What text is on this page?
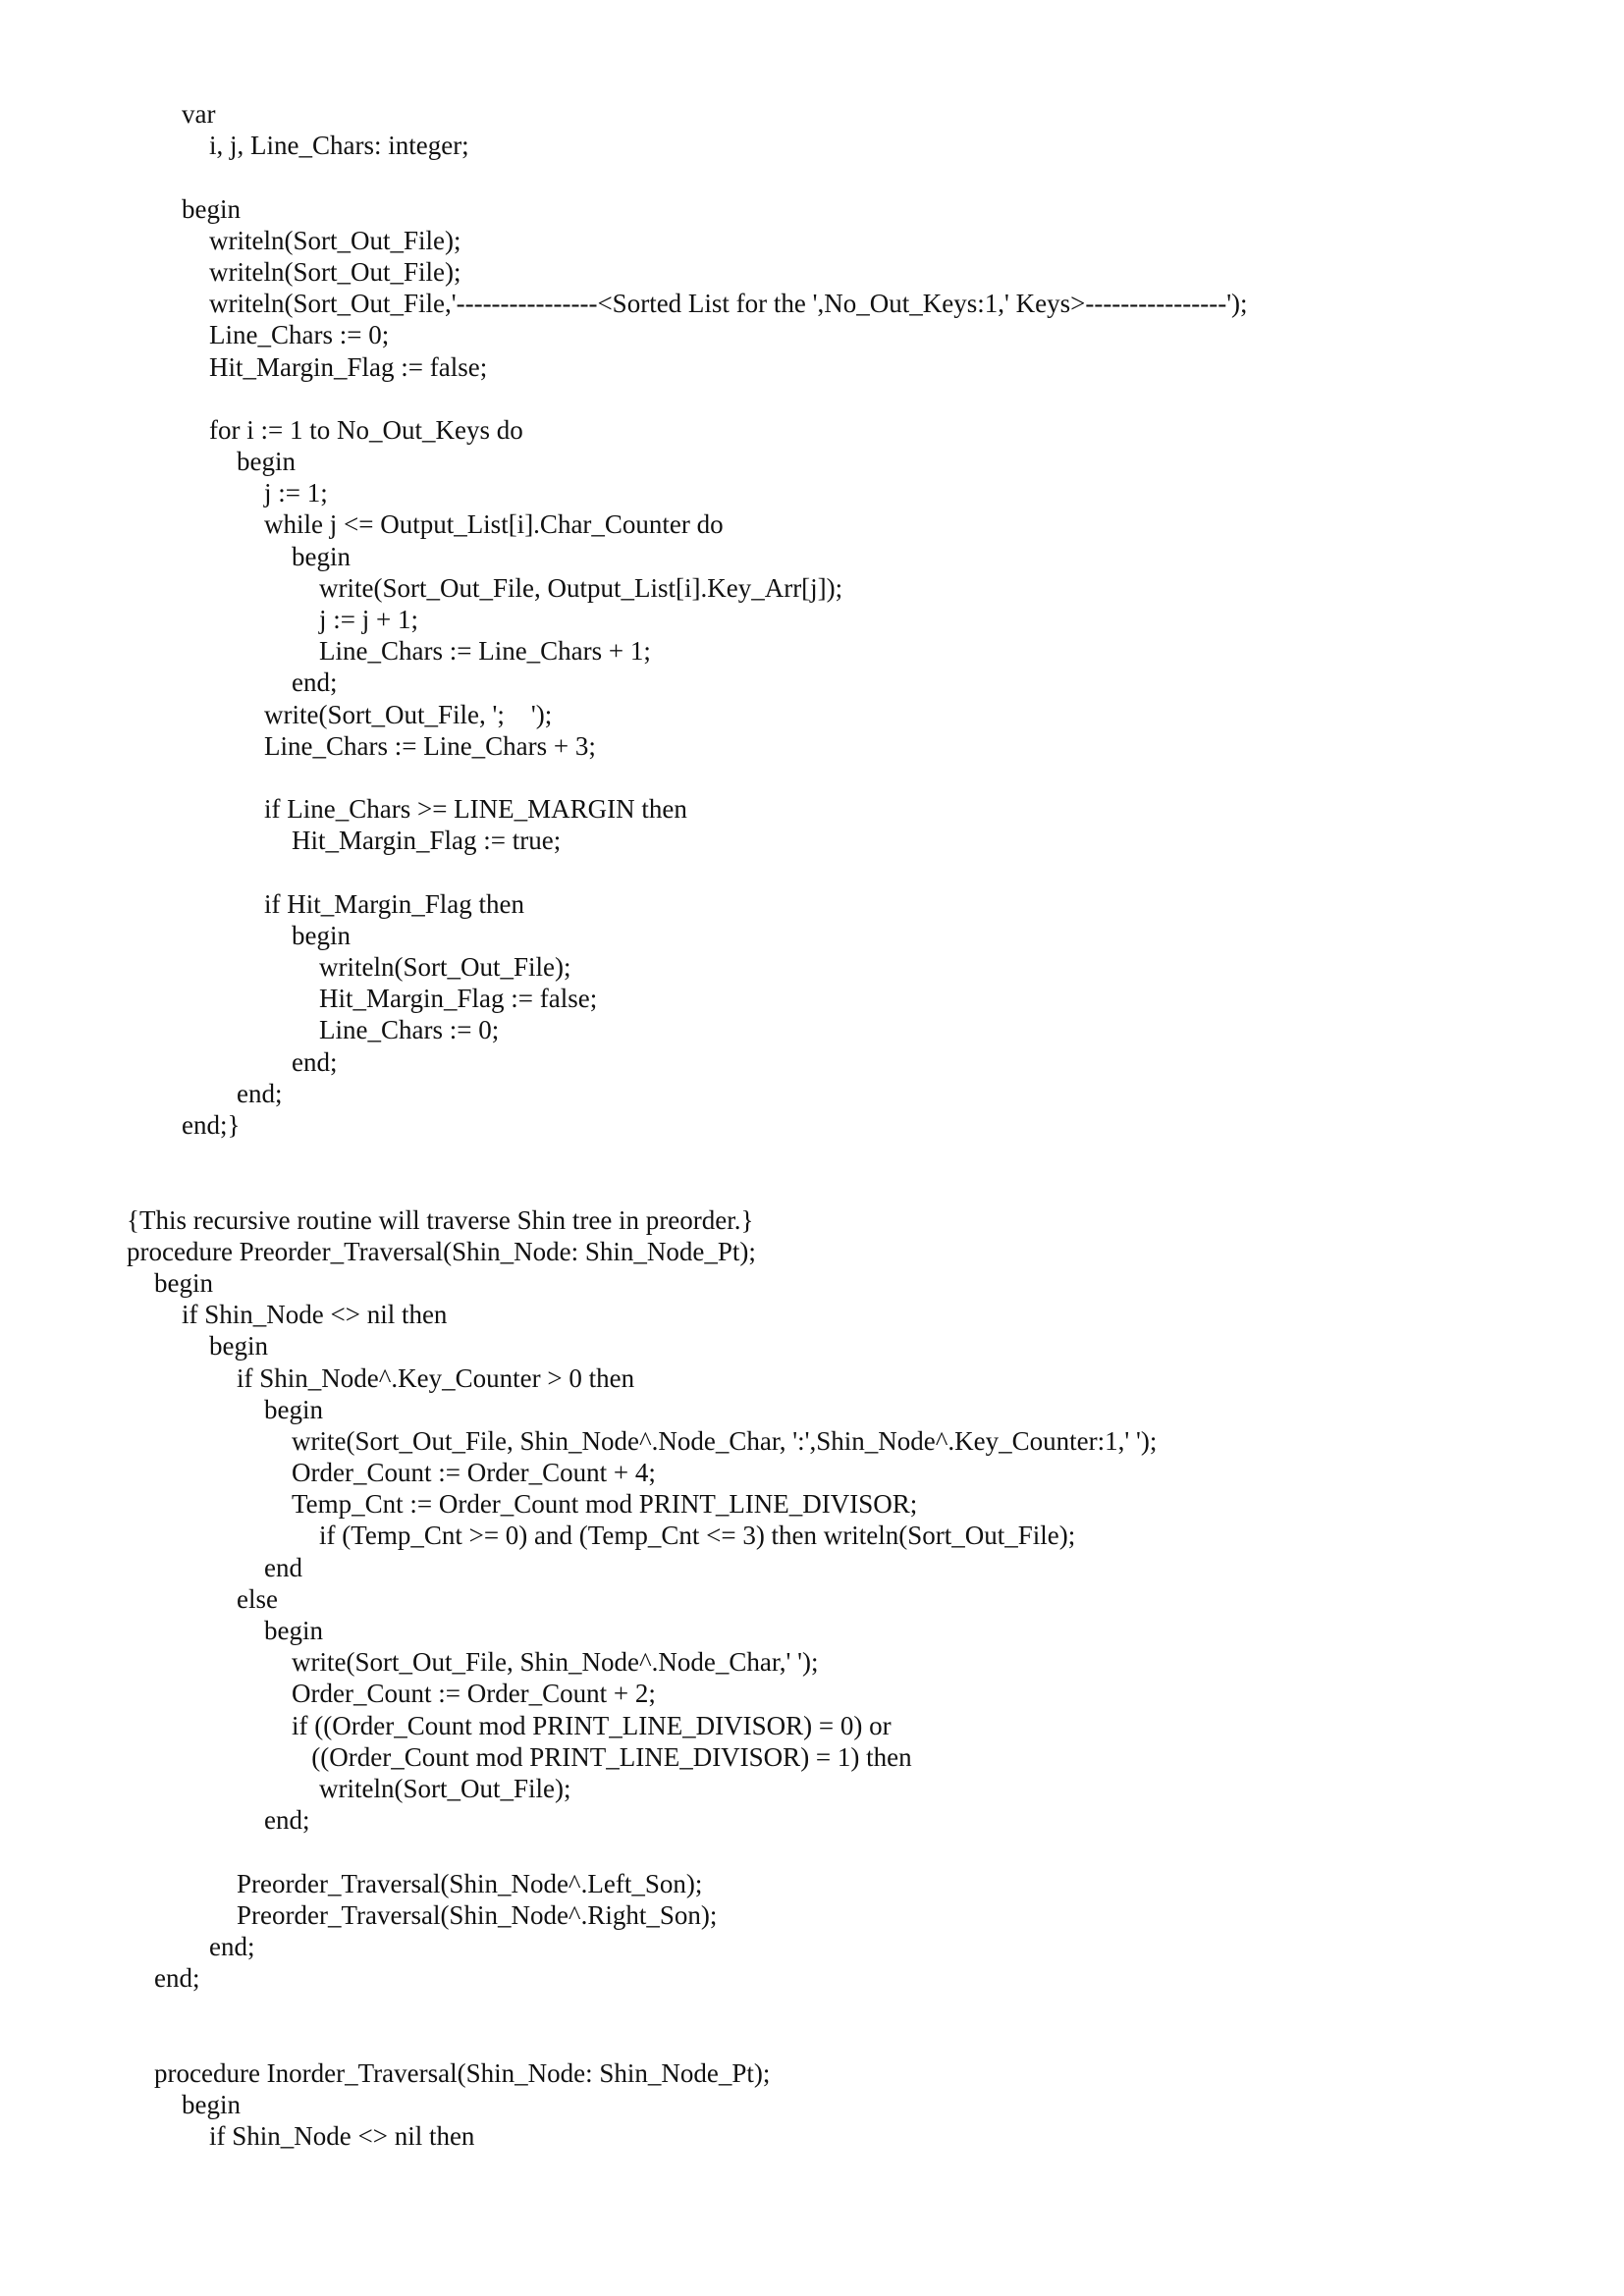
var
i, j, Line_Chars: integer;
begin
writeln(Sort_Out_File);
writeln(Sort_Out_File);
writeln(Sort_Out_File,'----------------<Sorted List for the ',No_Out_Keys:1,' Keys>----------------');
Line_Chars := 0;
Hit_Margin_Flag := false;
for i := 1 to No_Out_Keys do
begin
j := 1;
while j <= Output_List[i].Char_Counter do
begin
write(Sort_Out_File, Output_List[i].Key_Arr[j]);
j := j + 1;
Line_Chars := Line_Chars + 1;
end;
write(Sort_Out_File, ';    ');
Line_Chars := Line_Chars + 3;
if Line_Chars >= LINE_MARGIN then
Hit_Margin_Flag := true;
if Hit_Margin_Flag then
begin
writeln(Sort_Out_File);
Hit_Margin_Flag := false;
Line_Chars := 0;
end;
end;
end;}
{This recursive routine will traverse Shin tree in preorder.}
procedure Preorder_Traversal(Shin_Node: Shin_Node_Pt);
begin
if Shin_Node <> nil then
begin
if Shin_Node^.Key_Counter > 0 then
begin
write(Sort_Out_File, Shin_Node^.Node_Char, ':',Shin_Node^.Key_Counter:1,' ');
Order_Count := Order_Count + 4;
Temp_Cnt := Order_Count mod PRINT_LINE_DIVISOR;
if (Temp_Cnt >= 0) and (Temp_Cnt <= 3) then writeln(Sort_Out_File);
end
else
begin
write(Sort_Out_File, Shin_Node^.Node_Char,' ');
Order_Count := Order_Count + 2;
if ((Order_Count mod PRINT_LINE_DIVISOR) = 0) or
((Order_Count mod PRINT_LINE_DIVISOR) = 1) then
writeln(Sort_Out_File);
end;
Preorder_Traversal(Shin_Node^.Left_Son);
Preorder_Traversal(Shin_Node^.Right_Son);
end;
end;
procedure Inorder_Traversal(Shin_Node: Shin_Node_Pt);
begin
if Shin_Node <> nil then
